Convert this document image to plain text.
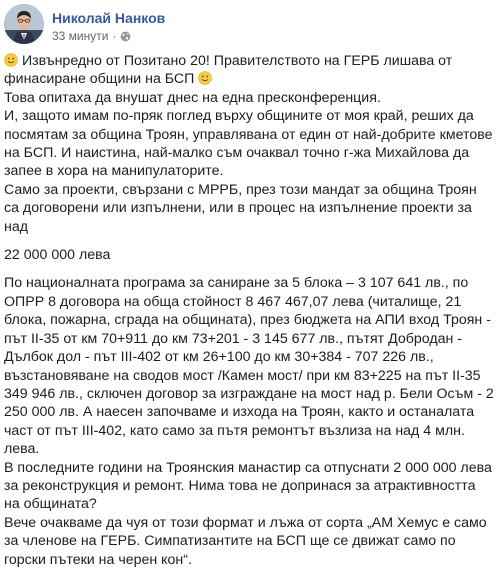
Николай Нанков
33 минути ·

Извънредно от Позитано 20! Правителството на ГЕРБ лишава от финасиране общини на БСП

Това опитаха да внушат днес на една пресконференция.

И, защото имам по-пряк поглед върху общините от моя край, реших да посмятам за община Троян, управлявана от един от най-добрите кметове на БСП. И наистина, най-малко съм очаквал точно г-жа Михайлова да запее в хора на манипулаторите.

Само за проекти, свързани с МРРБ, през този мандат за община Троян са договорени или изпълнени, или в процес на изпълнение проекти за над

22 000 000 лева

По националната програма за саниране за 5 блока – 3 107 641 лв., по ОПРР 8 договора на обща стойност 8 467 467,07 лева (читалище, 21 блока, пожарна, сграда на общината), през бюджета на АПИ вход Троян - път II-35 от км 70+911 до км 73+201 - 3 145 677 лв., пътят Добродан - Дълбок дол - път III-402 от км 26+100 до км 30+384 - 707 226 лв., възстановяване на сводов мост /Камен мост/ при км 83+225 на път II-35 349 946 лв., сключен договор за изграждане на мост над р. Бели Осъм - 2 250 000 лв. А наесен започваме и изхода на Троян, както и останалата част от път III-402, като само за пътя ремонтът възлиза на над 4 млн. лева.

В последните години на Троянския манастир са отпуснати 2 000 000 лева за реконструкция и ремонт. Нима това не допринася за атрактивността на общината?

Вече очакваме да чуя от този формат и лъжа от сорта „АМ Хемус е само за членове на ГЕРБ. Симпатизантите на БСП ще се движат само по горски пътеки на черен кон“.
